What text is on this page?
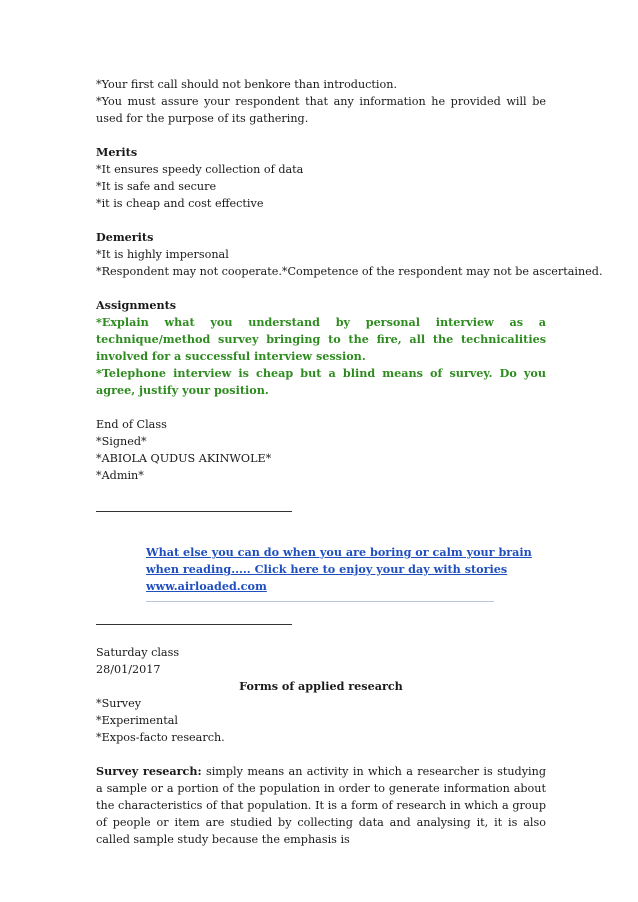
*Your first call should not benkore than introduction.
*You must assure your respondent that any information he provided will be used for the purpose of its gathering.
Merits
*It ensures speedy collection of data
*It is safe and secure
*it is cheap and cost effective
Demerits
*It is highly impersonal
*Respondent may not cooperate.*Competence of the respondent may not be ascertained.
Assignments
*Explain what you understand by personal interview as a technique/method survey bringing to the fire, all the technicalities involved for a successful interview session.
*Telephone interview is cheap but a blind means of survey. Do you agree, justify your position.
End of Class
*Signed*
*ABIOLA QUDUS AKINWOLE*
*Admin*
What else you can do when you are boring or calm your brain
when reading..... Click here to enjoy your day with stories
www.airloaded.com
Saturday class
28/01/2017
Forms of applied research
*Survey
*Experimental
*Expos-facto research.
Survey research: simply means an activity in which a researcher is studying a sample or a portion of the population in order to generate information about the characteristics of that population. It is a form of research in which a group of people or item are studied by collecting data and analysing it, it is also called sample study because the emphasis is
